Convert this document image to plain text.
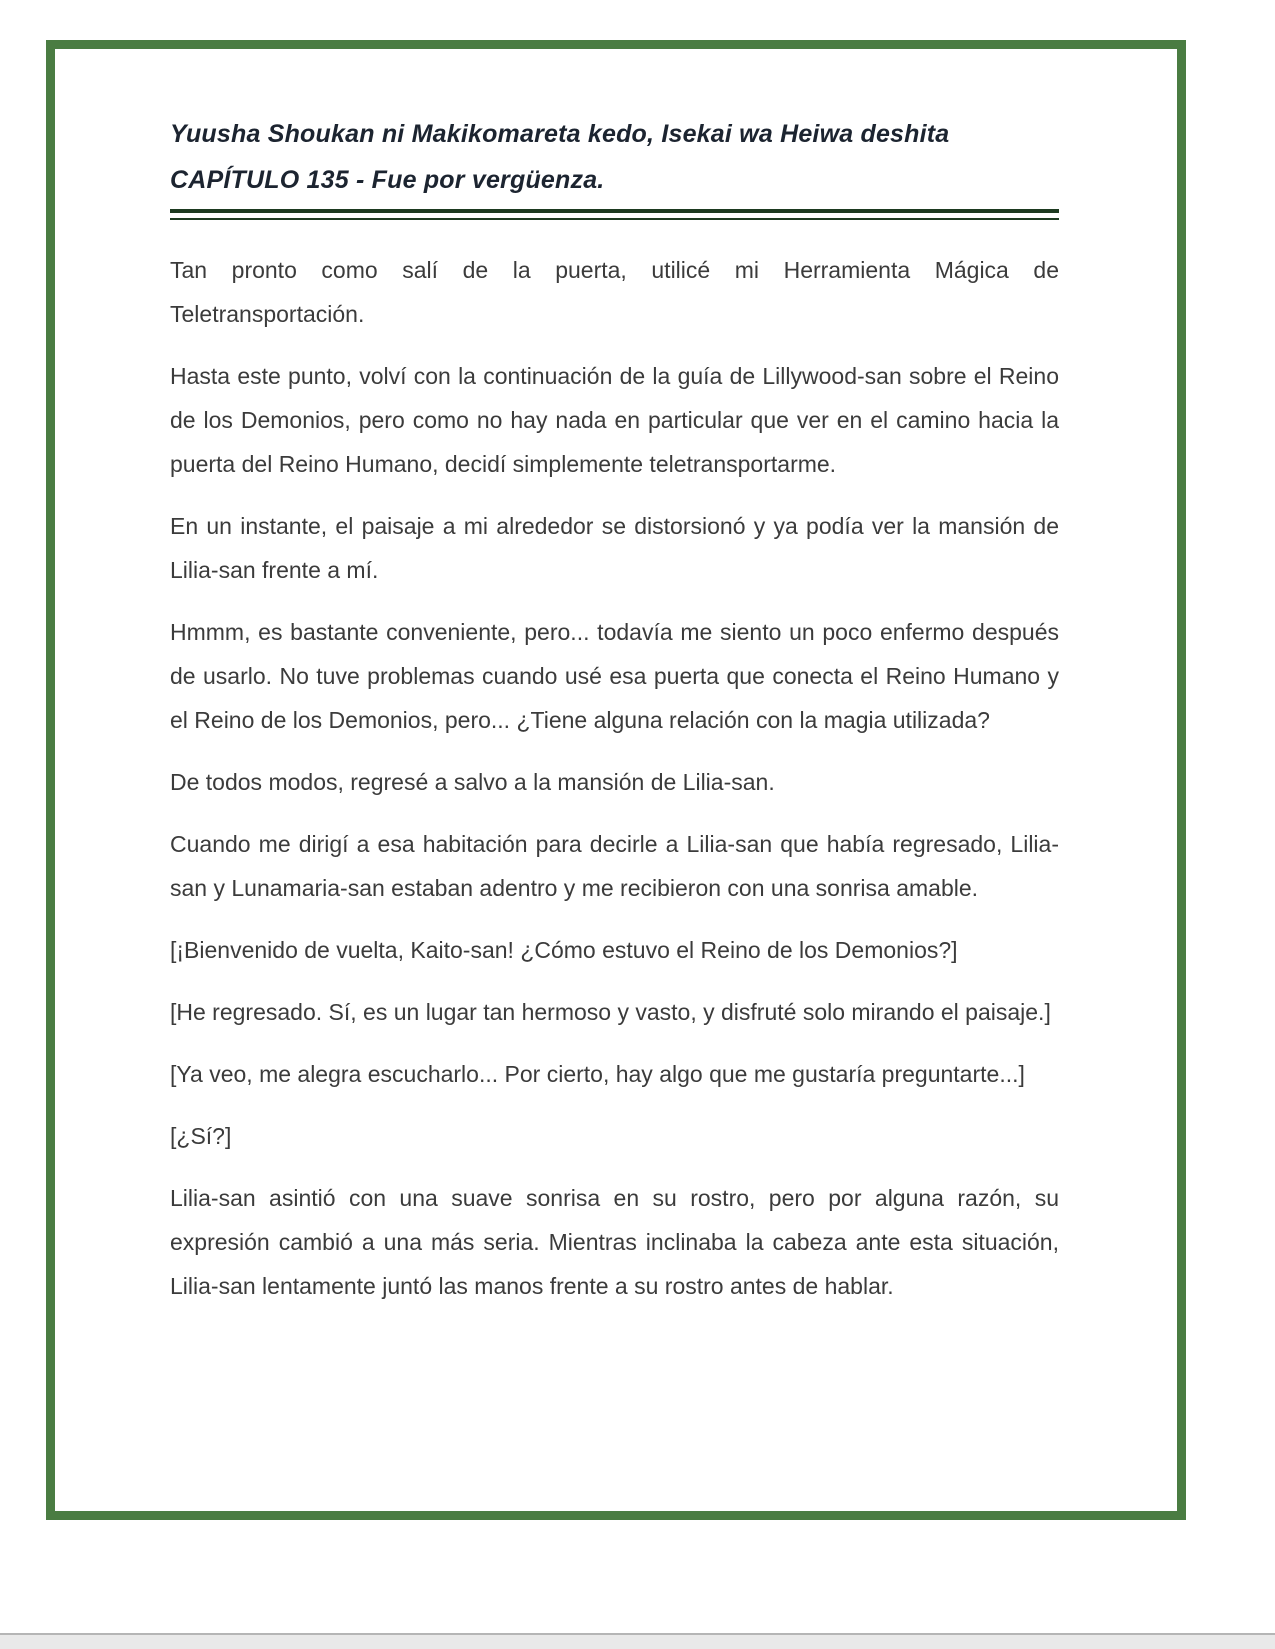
Yuusha Shoukan ni Makikomareta kedo, Isekai wa Heiwa deshita

CAPÍTULO 135 - Fue por vergüenza.

Tan pronto como salí de la puerta, utilicé mi Herramienta Mágica de Teletransportación.

Hasta este punto, volví con la continuación de la guía de Lillywood-san sobre el Reino de los Demonios, pero como no hay nada en particular que ver en el camino hacia la puerta del Reino Humano, decidí simplemente teletransportarme.

En un instante, el paisaje a mi alrededor se distorsionó y ya podía ver la mansión de Lilia-san frente a mí.

Hmmm, es bastante conveniente, pero... todavía me siento un poco enfermo después de usarlo. No tuve problemas cuando usé esa puerta que conecta el Reino Humano y el Reino de los Demonios, pero... ¿Tiene alguna relación con la magia utilizada?

De todos modos, regresé a salvo a la mansión de Lilia-san.

Cuando me dirigí a esa habitación para decirle a Lilia-san que había regresado, Lilia-san y Lunamaria-san estaban adentro y me recibieron con una sonrisa amable.

[¡Bienvenido de vuelta, Kaito-san! ¿Cómo estuvo el Reino de los Demonios?]

[He regresado. Sí, es un lugar tan hermoso y vasto, y disfruté solo mirando el paisaje.]

[Ya veo, me alegra escucharlo... Por cierto, hay algo que me gustaría preguntarte...]

[¿Sí?]

Lilia-san asintió con una suave sonrisa en su rostro, pero por alguna razón, su expresión cambió a una más seria. Mientras inclinaba la cabeza ante esta situación, Lilia-san lentamente juntó las manos frente a su rostro antes de hablar.
